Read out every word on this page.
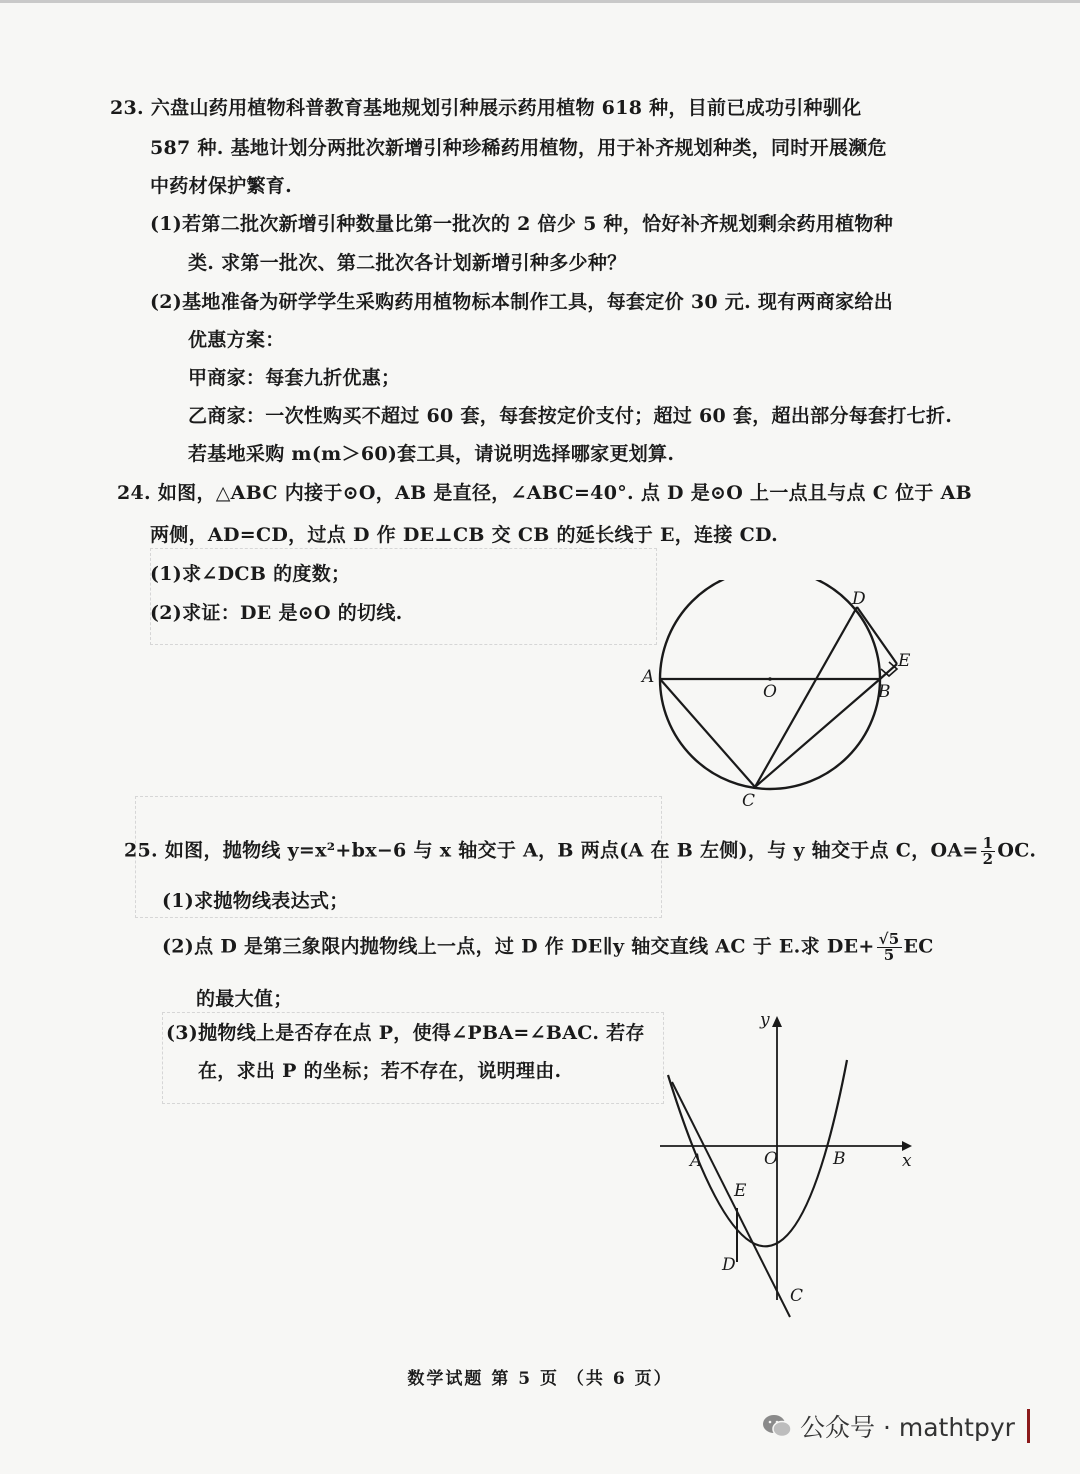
23. 六盘山药用植物科普教育基地规划引种展示药用植物 618 种，目前已成功引种驯化
587 种. 基地计划分两批次新增引种珍稀药用植物，用于补齐规划种类，同时开展濒危
中药材保护繁育.
(1)若第二批次新增引种数量比第一批次的 2 倍少 5 种，恰好补齐规划剩余药用植物种
类. 求第一批次、第二批次各计划新增引种多少种？
(2)基地准备为研学学生采购药用植物标本制作工具，每套定价 30 元. 现有两商家给出
优惠方案：
甲商家：每套九折优惠；
乙商家：一次性购买不超过 60 套，每套按定价支付；超过 60 套，超出部分每套打七折.
若基地采购 m(m＞60)套工具，请说明选择哪家更划算.
24. 如图，△ABC 内接于⊙O，AB 是直径，∠ABC=40°. 点 D 是⊙O 上一点且与点 C 位于 AB
两侧，AD=CD，过点 D 作 DE⊥CB 交 CB 的延长线于 E，连接 CD.
(1)求∠DCB 的度数；
(2)求证：DE 是⊙O 的切线.
A
B
C
D
E
O
25. 如图，抛物线 y=x²+bx−6 与 x 轴交于 A，B 两点(A 在 B 左侧)，与 y 轴交于点 C，$OA= \frac{1}{2}$ OC.
(1)求抛物线表达式；
(2)点 D 是第三象限内抛物线上一点，过 D 作 DE∥y 轴交直线 AC 于 E.求 $DE+ \frac{√5}{5}$ EC
的最大值；
(3)抛物线上是否存在点 P，使得∠PBA=∠BAC. 若存
在，求出 P 的坐标；若不存在，说明理由.
y
x
O
A	B
C
D
E
数学试题 第 5 页 （共 6 页）
公众号 · mathtpyr
